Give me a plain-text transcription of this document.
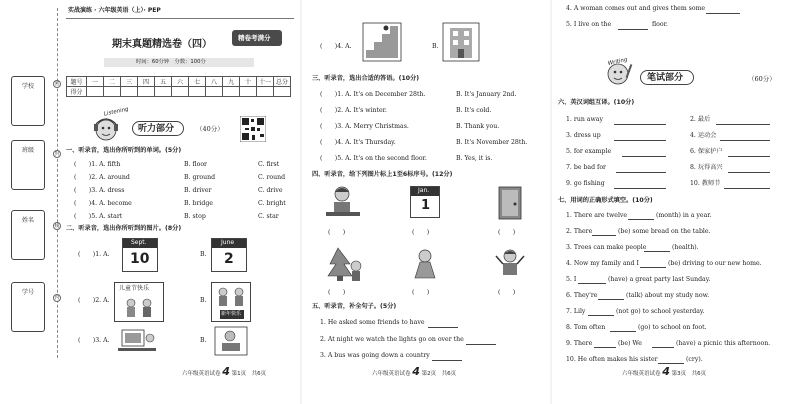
学校
班级
姓名
学号
密
封
线
内
实战演练 · 六年级英语（上）· PEP
期末真题精选卷（四）
精卷考满分
时间：60分钟　分数：100分
题号	一	二	三	四	五	六	七	八	九	十	十一	总分
得分												
Listening
听力部分	（40分）
一、听录音，选出你所听到的单词。(5分)
(　　)1. A. fifth	B. floor	C. first
(　　)2. A. around	B. ground	C. round
(　　)3. A. dress	B. driver	C. drive
(　　)4. A. become	B. bridge	C. bright
(　　)5. A. start	B. stop	C. star
二、听录音，选出你所听到的图片。(8分)
(　　)1. A.
Sept.
10	B.
June
2
(　　)2. A.
儿童节快乐
B.
新年快乐
(　　)3. A.	B.
六年级英语试卷 4 第1页　共6页
(　　)4. A.	B.
三、听录音，选出合适的答语。(10分)
(　　)1. A. It's on December 28th.	B. It's January 2nd.
(　　)2. A. It's winter.	B. It's cold.
(　　)3. A. Merry Christmas.	B. Thank you.
(　　)4. A. It's Thursday.	B. It's November 28th.
(　　)5. A. It's on the second floor.	B. Yes, it is.
四、听录音，给下列图片标上1至6标序号。(12分)
Jan.
1
(　　)	(　　)	(　　)
(　　)	(　　)	(　　)
五、听录音，补全句子。(5分)
1. He asked some friends to have
2. At night we watch the lights go on over the
3. A bus was going down a country
六年级英语试卷 4 第2页　共6页
4. A woman comes out and gives them some
5. I live on the	floor.
Writing
笔试部分	（60分）
六、英汉词组互译。(10分)
1. run away	2. 最后
3. dress up	4. 运动会
5. for example	6. 保家护户
7. be bad for	8. 玩得高兴
9. go fishing	10. 教师节
七、用词的正确形式填空。(10分)
1. There are twelve	(month) in a year.
2. There	(be) some bread on the table.
3. Trees can make people	(health).
4. Now my family and I	(be) driving to our new home.
5. I	(have) a great party last Sunday.
6. They're	(talk) about my study now.
7. Lily	(not go) to school yesterday.
8. Tom often	(go) to school on foot.
9. There	(be) We	(have) a picnic this afternoon.
10. He often makes his sister	(cry).
六年级英语试卷 4 第3页　共6页
